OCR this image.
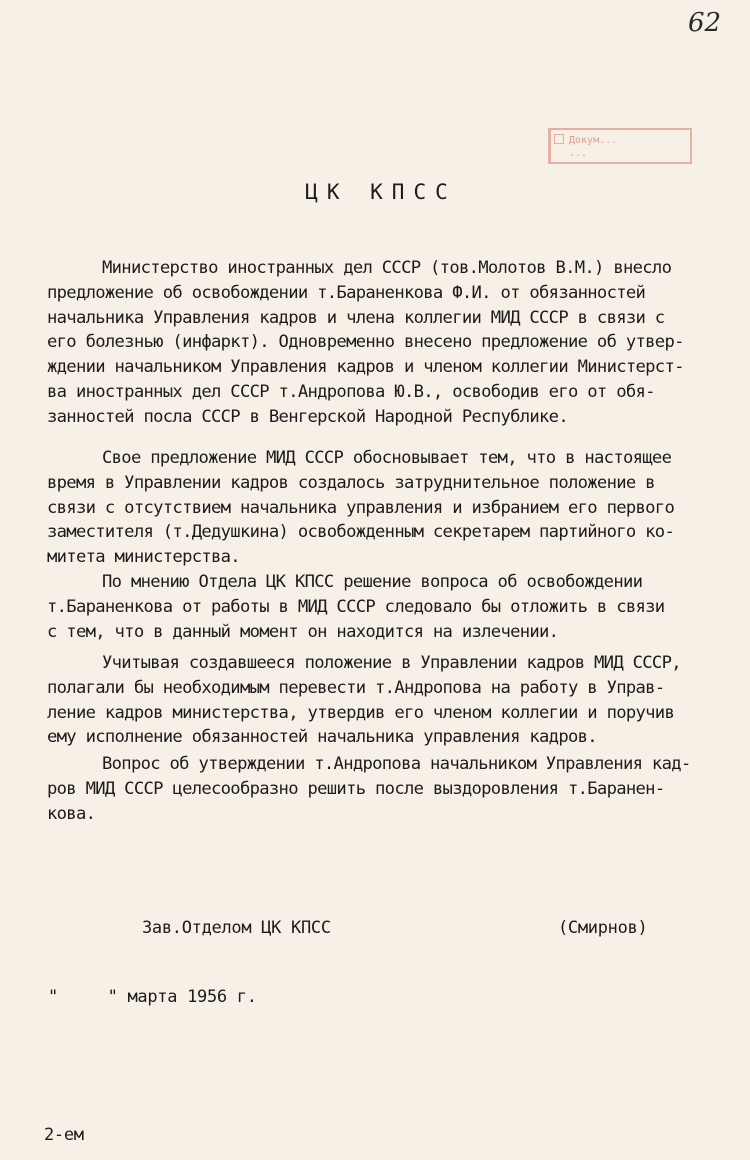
62
Докум...
...
ЦК КПСС
Министерство иностранных дел СССР (тов.Молотов В.М.) внесло
предложение об освобождении т.Бараненкова Ф.И. от обязанностей
начальника Управления кадров и члена коллегии МИД СССР в связи с
его болезнью (инфаркт). Одновременно внесено предложение об утвер-
ждении начальником Управления кадров и членом коллегии Министерст-
ва иностранных дел СССР т.Андропова Ю.В., освободив его от обя-
занностей посла СССР в Венгерской Народной Республике.
Свое предложение МИД СССР обосновывает тем, что в настоящее
время в Управлении кадров создалось затруднительное положение в
связи с отсутствием начальника управления и избранием его первого
заместителя (т.Дедушкина) освобожденным секретарем партийного ко-
митета министерства.
По мнению Отдела ЦК КПСС решение вопроса об освобождении
т.Бараненкова от работы в МИД СССР следовало бы отложить в связи
с тем, что в данный момент он находится на излечении.
Учитывая создавшееся положение в Управлении кадров МИД СССР,
полагали бы необходимым перевести т.Андропова на работу в Управ-
ление кадров министерства, утвердив его членом коллегии и поручив
ему исполнение обязанностей начальника управления кадров.
Вопрос об утверждении т.Андропова начальником Управления кад-
ров МИД СССР целесообразно решить после выздоровления т.Баранен-
кова.
Зав.Отделом ЦК КПСС	(Смирнов)
"     " марта 1956 г.
2-ем
